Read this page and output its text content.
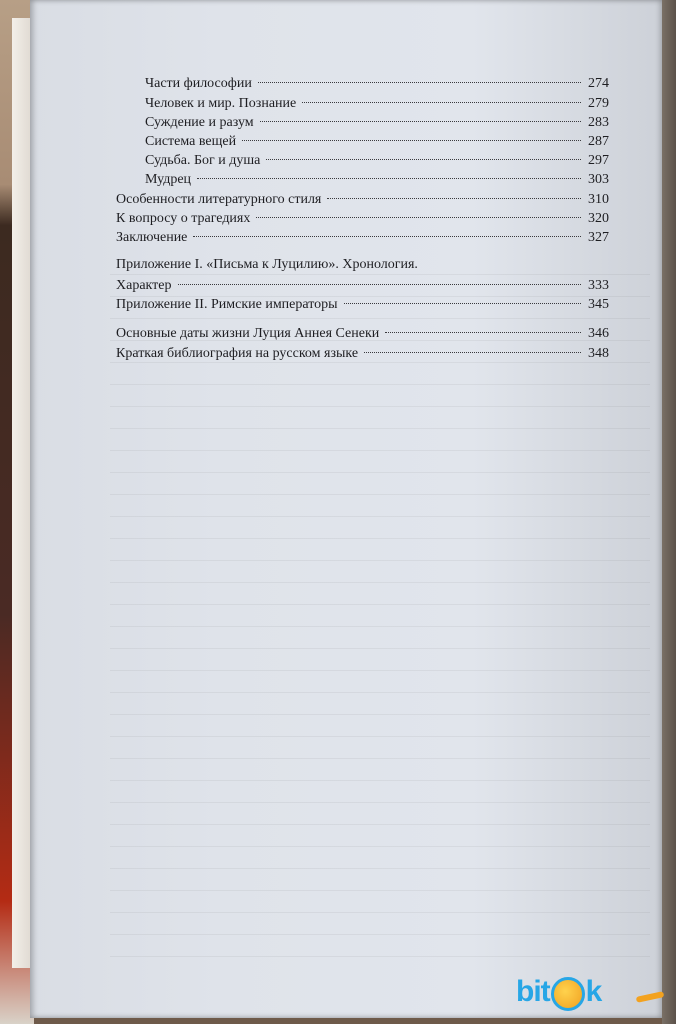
Части философии	274
Человек и мир. Познание	279
Суждение и разум	283
Система вещей	287
Судьба. Бог и душа	297
Мудрец	303
Особенности литературного стиля	310
К вопросу о трагедиях	320
Заключение	327
Приложение I. «Письма к Луцилию». Хронология.
Характер	333
Приложение II. Римские императоры	345
Основные даты жизни Луция Аннея Сенеки	346
Краткая библиография на русском языке	348
bit k
